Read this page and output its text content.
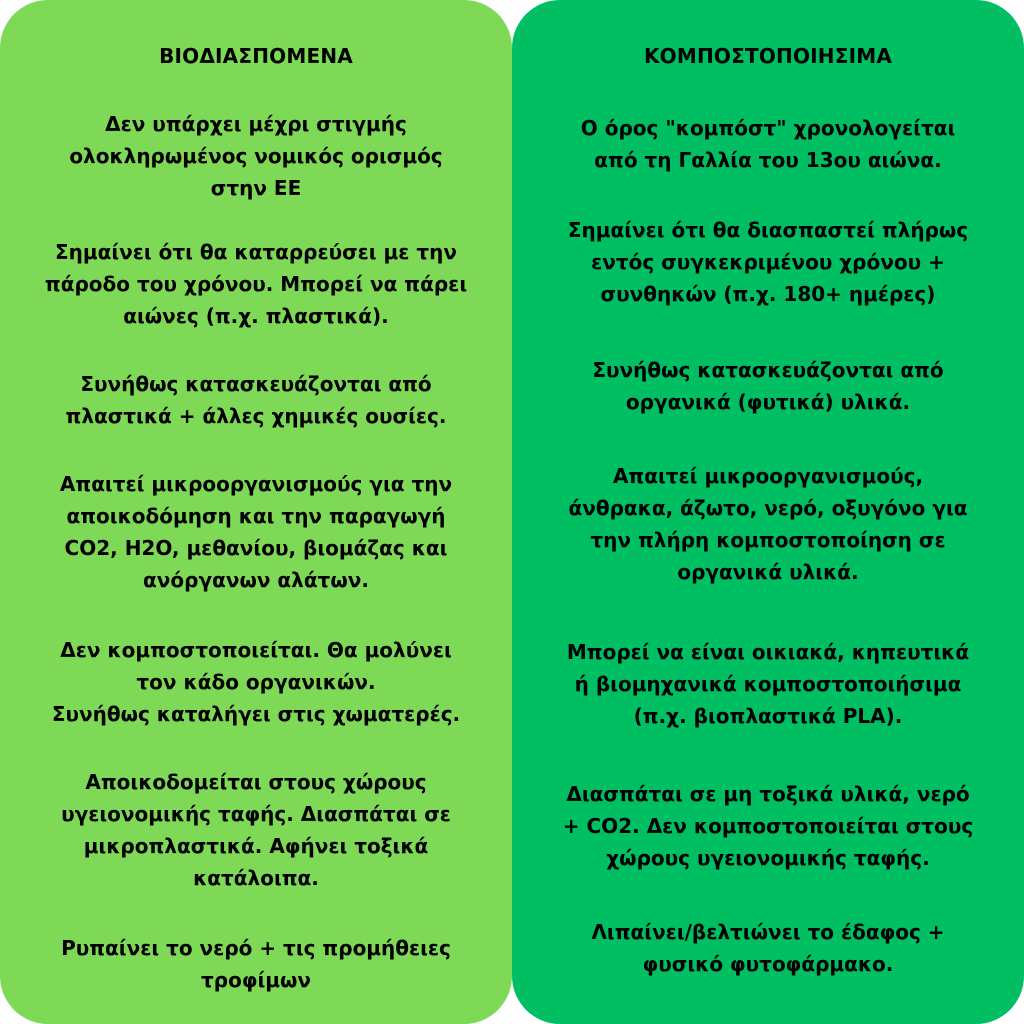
ΒΙΟΔΙΑΣΠΟΜΕΝΑ

Δεν υπάρχει μέχρι στιγμής
ολοκληρωμένος νομικός ορισμός
στην ΕΕ

Σημαίνει ότι θα καταρρεύσει με την
πάροδο του χρόνου. Μπορεί να πάρει
αιώνες (π.χ. πλαστικά).

Συνήθως κατασκευάζονται από
πλαστικά + άλλες χημικές ουσίες.

Απαιτεί μικροοργανισμούς για την
αποικοδόμηση και την παραγωγή
CO2, H2O, μεθανίου, βιομάζας και
ανόργανων αλάτων.

Δεν κομποστοποιείται. Θα μολύνει
τον κάδο οργανικών.
Συνήθως καταλήγει στις χωματερές.

Αποικοδομείται στους χώρους
υγειονομικής ταφής. Διασπάται σε
μικροπλαστικά. Αφήνει τοξικά
κατάλοιπα.

Ρυπαίνει το νερό + τις προμήθειες
τροφίμων

ΚΟΜΠΟΣΤΟΠΟΙΗΣΙΜΑ

Ο όρος "κομπόστ" χρονολογείται
από τη Γαλλία του 13ου αιώνα.

Σημαίνει ότι θα διασπαστεί πλήρως
εντός συγκεκριμένου χρόνου +
συνθηκών (π.χ. 180+ ημέρες)

Συνήθως κατασκευάζονται από
οργανικά (φυτικά) υλικά.

Απαιτεί μικροοργανισμούς,
άνθρακα, άζωτο, νερό, οξυγόνο για
την πλήρη κομποστοποίηση σε
οργανικά υλικά.

Μπορεί να είναι οικιακά, κηπευτικά
ή βιομηχανικά κομποστοποιήσιμα
(π.χ. βιοπλαστικά PLA).

Διασπάται σε μη τοξικά υλικά, νερό
+ CO2. Δεν κομποστοποιείται στους
χώρους υγειονομικής ταφής.

Λιπαίνει/βελτιώνει το έδαφος +
φυσικό φυτοφάρμακο.
